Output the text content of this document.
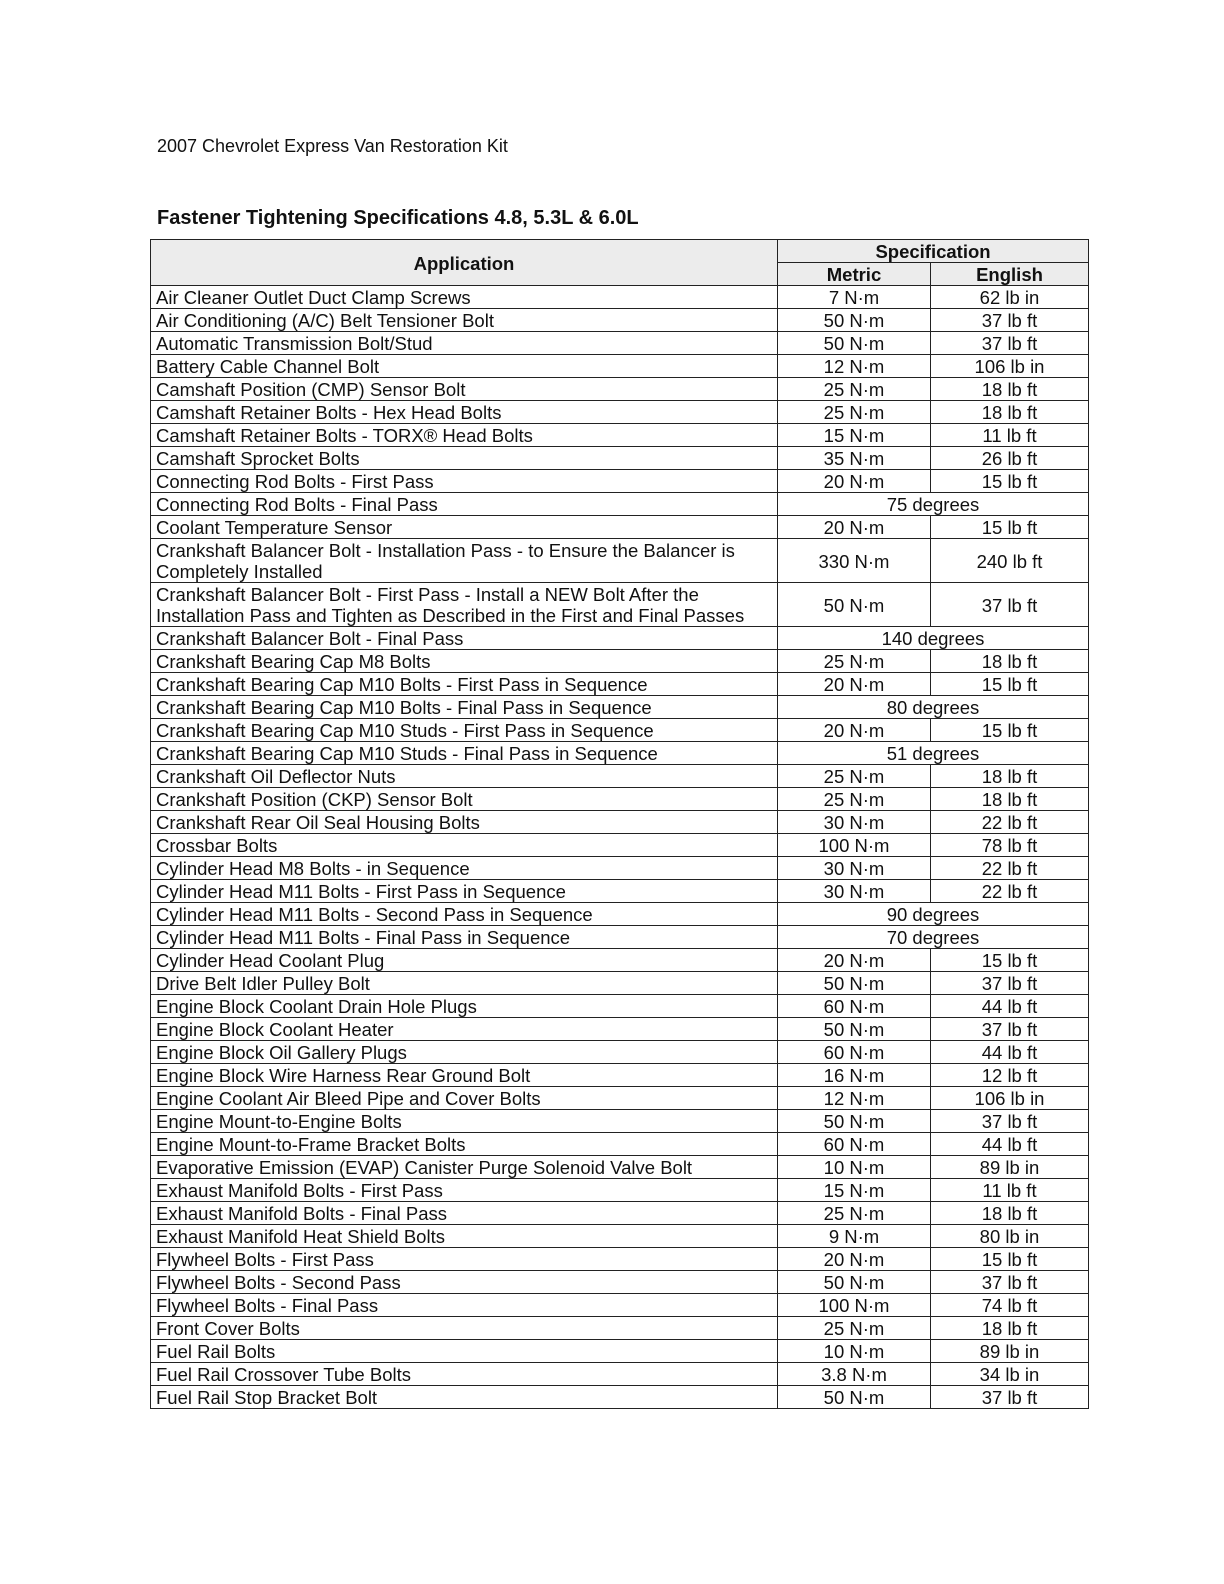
2007 Chevrolet Express Van Restoration Kit
Fastener Tightening Specifications 4.8, 5.3L & 6.0L
Application	Specification	
	Metric	English
Air Cleaner Outlet Duct Clamp Screws	7 N·m	62 lb in
Air Conditioning (A/C) Belt Tensioner Bolt	50 N·m	37 lb ft
Automatic Transmission Bolt/Stud	50 N·m	37 lb ft
Battery Cable Channel Bolt	12 N·m	106 lb in
Camshaft Position (CMP) Sensor Bolt	25 N·m	18 lb ft
Camshaft Retainer Bolts - Hex Head Bolts	25 N·m	18 lb ft
Camshaft Retainer Bolts - TORX® Head Bolts	15 N·m	11 lb ft
Camshaft Sprocket Bolts	35 N·m	26 lb ft
Connecting Rod Bolts - First Pass	20 N·m	15 lb ft
Connecting Rod Bolts - Final Pass	75 degrees	
Coolant Temperature Sensor	20 N·m	15 lb ft
Crankshaft Balancer Bolt - Installation Pass - to Ensure the Balancer is Completely Installed	330 N·m	240 lb ft
Crankshaft Balancer Bolt - First Pass - Install a NEW Bolt After the Installation Pass and Tighten as Described in the First and Final Passes	50 N·m	37 lb ft
Crankshaft Balancer Bolt - Final Pass	140 degrees	
Crankshaft Bearing Cap M8 Bolts	25 N·m	18 lb ft
Crankshaft Bearing Cap M10 Bolts - First Pass in Sequence	20 N·m	15 lb ft
Crankshaft Bearing Cap M10 Bolts - Final Pass in Sequence	80 degrees	
Crankshaft Bearing Cap M10 Studs - First Pass in Sequence	20 N·m	15 lb ft
Crankshaft Bearing Cap M10 Studs - Final Pass in Sequence	51 degrees	
Crankshaft Oil Deflector Nuts	25 N·m	18 lb ft
Crankshaft Position (CKP) Sensor Bolt	25 N·m	18 lb ft
Crankshaft Rear Oil Seal Housing Bolts	30 N·m	22 lb ft
Crossbar Bolts	100 N·m	78 lb ft
Cylinder Head M8 Bolts - in Sequence	30 N·m	22 lb ft
Cylinder Head M11 Bolts - First Pass in Sequence	30 N·m	22 lb ft
Cylinder Head M11 Bolts - Second Pass in Sequence	90 degrees	
Cylinder Head M11 Bolts - Final Pass in Sequence	70 degrees	
Cylinder Head Coolant Plug	20 N·m	15 lb ft
Drive Belt Idler Pulley Bolt	50 N·m	37 lb ft
Engine Block Coolant Drain Hole Plugs	60 N·m	44 lb ft
Engine Block Coolant Heater	50 N·m	37 lb ft
Engine Block Oil Gallery Plugs	60 N·m	44 lb ft
Engine Block Wire Harness Rear Ground Bolt	16 N·m	12 lb ft
Engine Coolant Air Bleed Pipe and Cover Bolts	12 N·m	106 lb in
Engine Mount-to-Engine Bolts	50 N·m	37 lb ft
Engine Mount-to-Frame Bracket Bolts	60 N·m	44 lb ft
Evaporative Emission (EVAP) Canister Purge Solenoid Valve Bolt	10 N·m	89 lb in
Exhaust Manifold Bolts - First Pass	15 N·m	11 lb ft
Exhaust Manifold Bolts - Final Pass	25 N·m	18 lb ft
Exhaust Manifold Heat Shield Bolts	9 N·m	80 lb in
Flywheel Bolts - First Pass	20 N·m	15 lb ft
Flywheel Bolts - Second Pass	50 N·m	37 lb ft
Flywheel Bolts - Final Pass	100 N·m	74 lb ft
Front Cover Bolts	25 N·m	18 lb ft
Fuel Rail Bolts	10 N·m	89 lb in
Fuel Rail Crossover Tube Bolts	3.8 N·m	34 lb in
Fuel Rail Stop Bracket Bolt	50 N·m	37 lb ft
